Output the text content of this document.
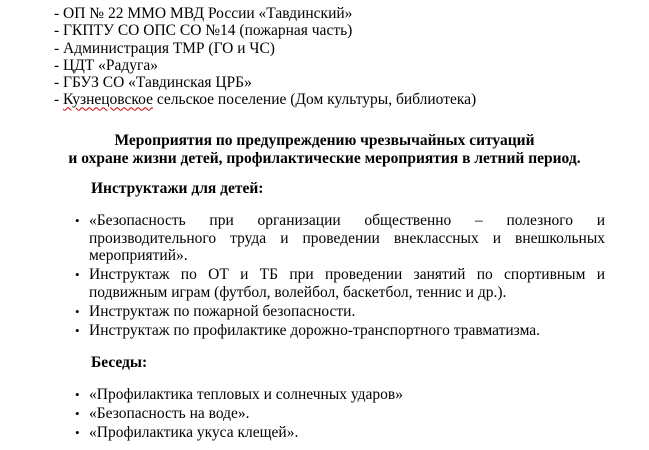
- ОП № 22 ММО МВД России «Тавдинский»
- ГКПТУ СО ОПС СО №14 (пожарная часть)
- Администрация ТМР (ГО и ЧС)
- ЦДТ «Радуга»
- ГБУЗ СО «Тавдинская ЦРБ»
- Кузнецовское сельское поселение (Дом культуры, библиотека)
Мероприятия по предупреждению чрезвычайных ситуаций
и охране жизни детей, профилактические мероприятия в летний период.
Инструктажи для детей:
• «Безопасность при организации общественно – полезного и производительного труда и проведении внеклассных и внешкольных мероприятий».
• Инструктаж по ОТ и ТБ при проведении занятий по спортивным и подвижным играм (футбол, волейбол, баскетбол, теннис и др.).
• Инструктаж по пожарной безопасности.
• Инструктаж по профилактике дорожно-транспортного травматизма.
Беседы:
• «Профилактика тепловых и солнечных ударов»
• «Безопасность на воде».
• «Профилактика укуса клещей».
